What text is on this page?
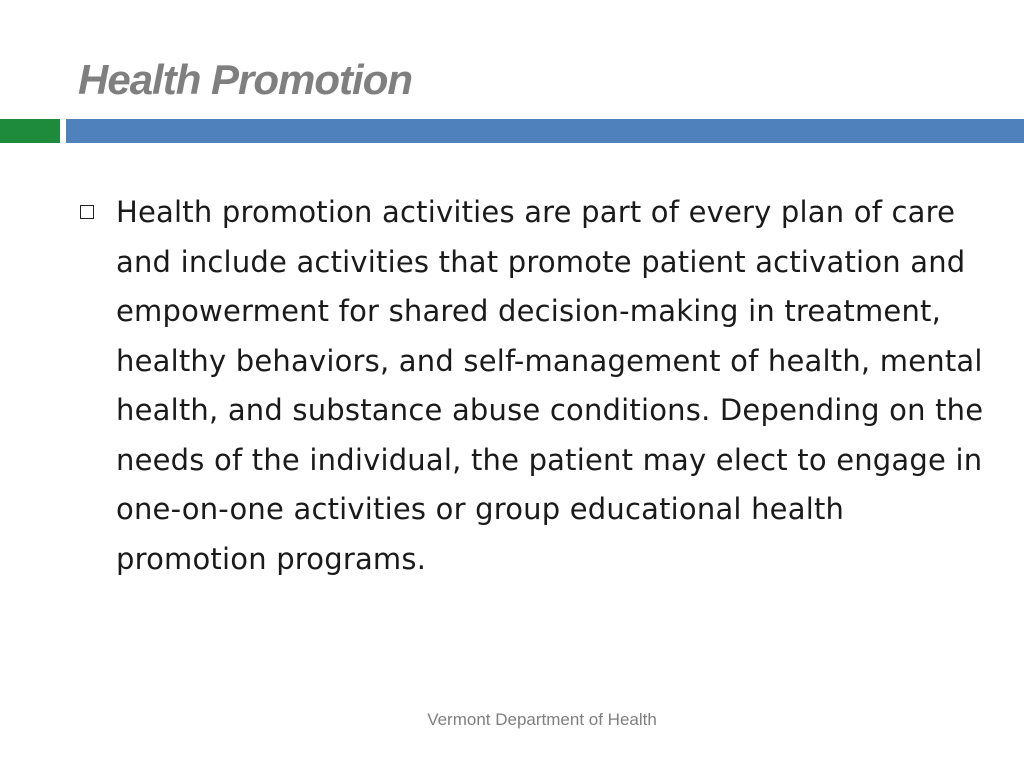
Health Promotion
Health promotion activities are part of every plan of care and include activities that promote patient activation and empowerment for shared decision-making in treatment, healthy behaviors, and self-management of health, mental health, and substance abuse conditions. Depending on the needs of the individual, the patient may elect to engage in one-on-one activities or group educational health promotion programs.
Vermont Department of Health
